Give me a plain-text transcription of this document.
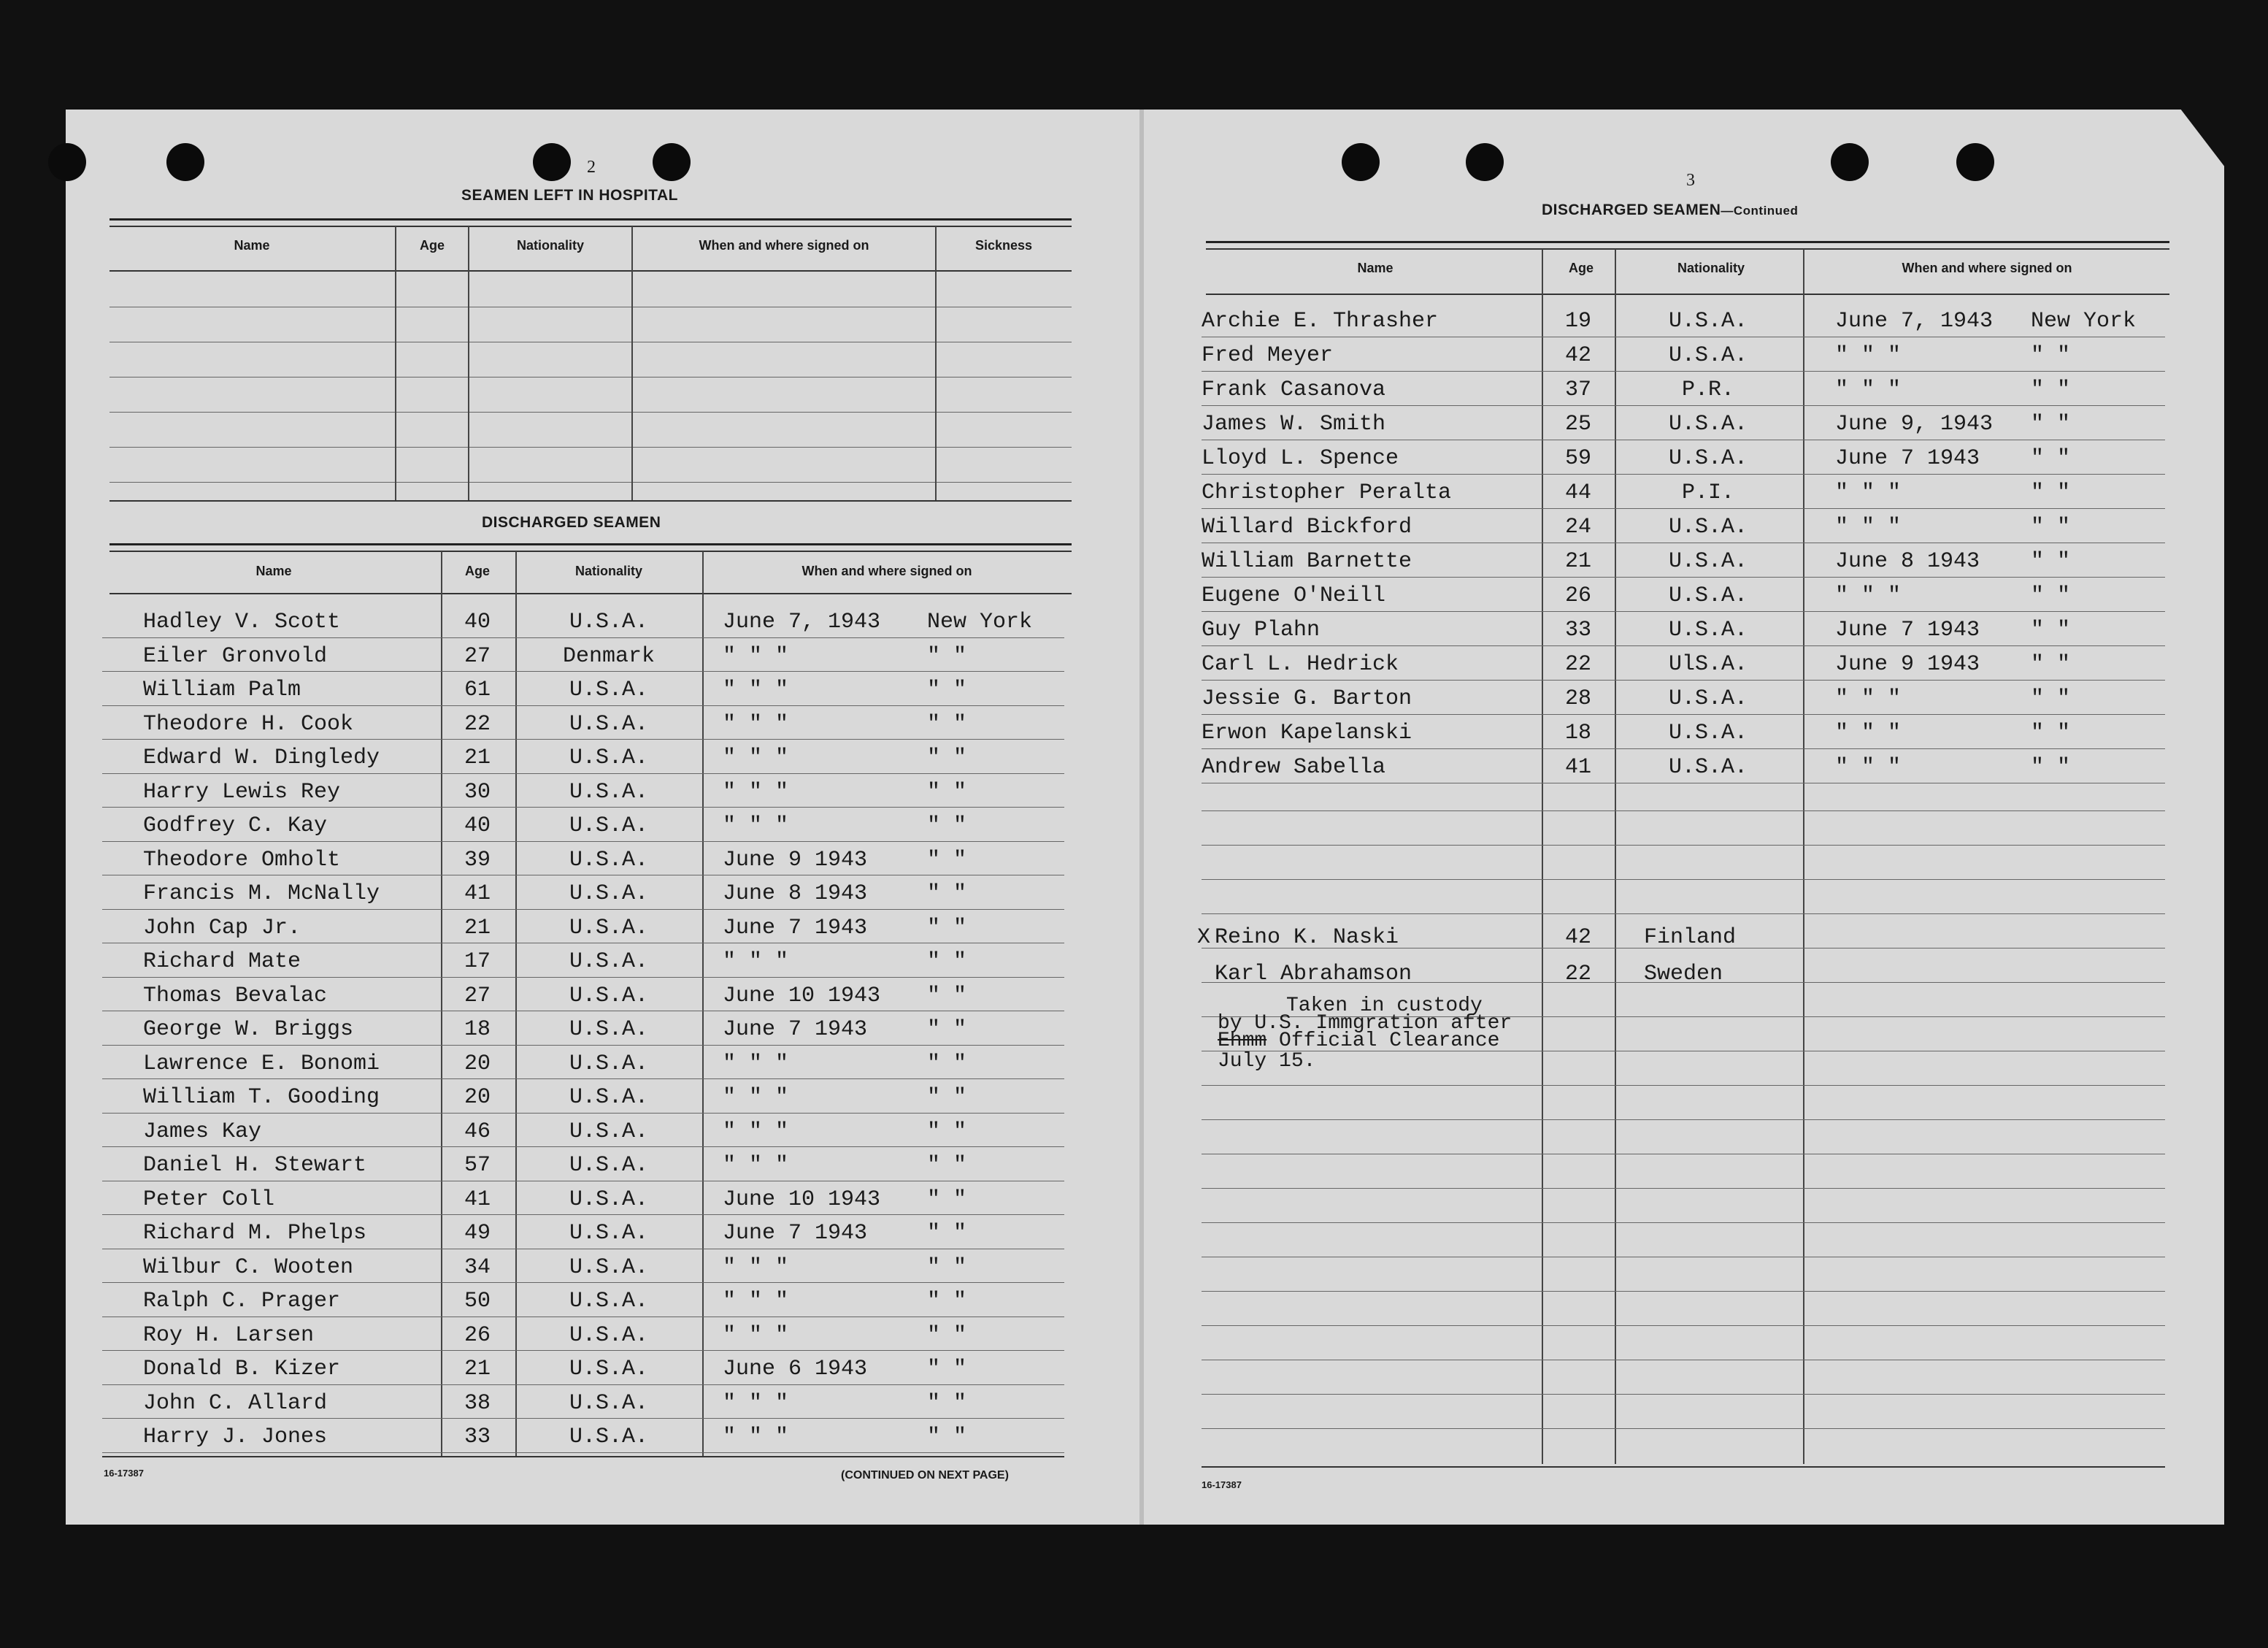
2
SEAMEN LEFT IN HOSPITAL
Name	Age	Nationality	When and where signed on	Sickness
DISCHARGED SEAMEN
Name	Age	Nationality	When and where signed on
Hadley V. Scott	40	U.S.A.	June 7, 1943 New York
Eiler Gronvold	27	Denmark	" " "	" "
William Palm	61	U.S.A.	" " "	" "
Theodore H. Cook	22	U.S.A.	" " "	" "
Edward W. Dingledy	21	U.S.A.	" " "	" "
Harry Lewis Rey	30	U.S.A.	" " "	" "
Godfrey C. Kay	40	U.S.A.	" " "	" "
Theodore Omholt	39	U.S.A.	June 9 1943	" "
Francis M. McNally	41	U.S.A.	June 8 1943	" "
John Cap Jr.	21	U.S.A.	June 7 1943	" "
Richard Mate	17	U.S.A.	" " "	" "
Thomas Bevalac	27	U.S.A.	June 10 1943 " "
George W. Briggs	18	U.S.A.	June 7 1943	" "
Lawrence E. Bonomi	20	U.S.A.	" " "	" "
William T. Gooding	20	U.S.A.	" " "	" "
James Kay	46	U.S.A.	" " "	" "
Daniel H. Stewart	57	U.S.A.	" " "	" "
Peter Coll	41	U.S.A.	June 10 1943 " "
Richard M. Phelps	49	U.S.A.	June 7 1943	" "
Wilbur C. Wooten	34	U.S.A.	" " "	" "
Ralph C. Prager	50	U.S.A.	" " "	" "
Roy H. Larsen	26	U.S.A.	" " "	" "
Donald B. Kizer	21	U.S.A.	June 6 1943	" "
John C. Allard	38	U.S.A.	" " "	" "
Harry J. Jones	33	U.S.A.	" " "	" "
16-17387	(CONTINUED ON NEXT PAGE)
3
DISCHARGED SEAMEN—Continued
Name	Age	Nationality	When and where signed on
Archie E. Thrasher	19	U.S.A.	June 7, 1943 New York
Fred Meyer	42	U.S.A.	" " "	" "
Frank Casanova	37	P.R.	" " "	" "
James W. Smith	25	U.S.A.	June 9, 1943 " "
Lloyd L. Spence	59	U.S.A.	June 7 1943 " "
Christopher Peralta	44	P.I.	" " "	" "
Willard Bickford	24	U.S.A.	" " "	" "
William Barnette	21	U.S.A.	June 8 1943 " "
Eugene O'Neill	26	U.S.A.	" " "	" "
Guy Plahn	33	U.S.A.	June 7 1943 " "
Carl L. Hedrick	22	UlS.A.	June 9 1943 " "
Jessie G. Barton	28	U.S.A.	" " "	" "
Erwon Kapelanski	18	U.S.A.	" " "	" "
Andrew Sabella	41	U.S.A.	" " "	" "
X Reino K. Naski	42	Finland
Karl Abrahamson	22	Sweden
Taken in custody
by U.S. Immgration after
Ehmm Official Clearance
July 15.
16-17387
